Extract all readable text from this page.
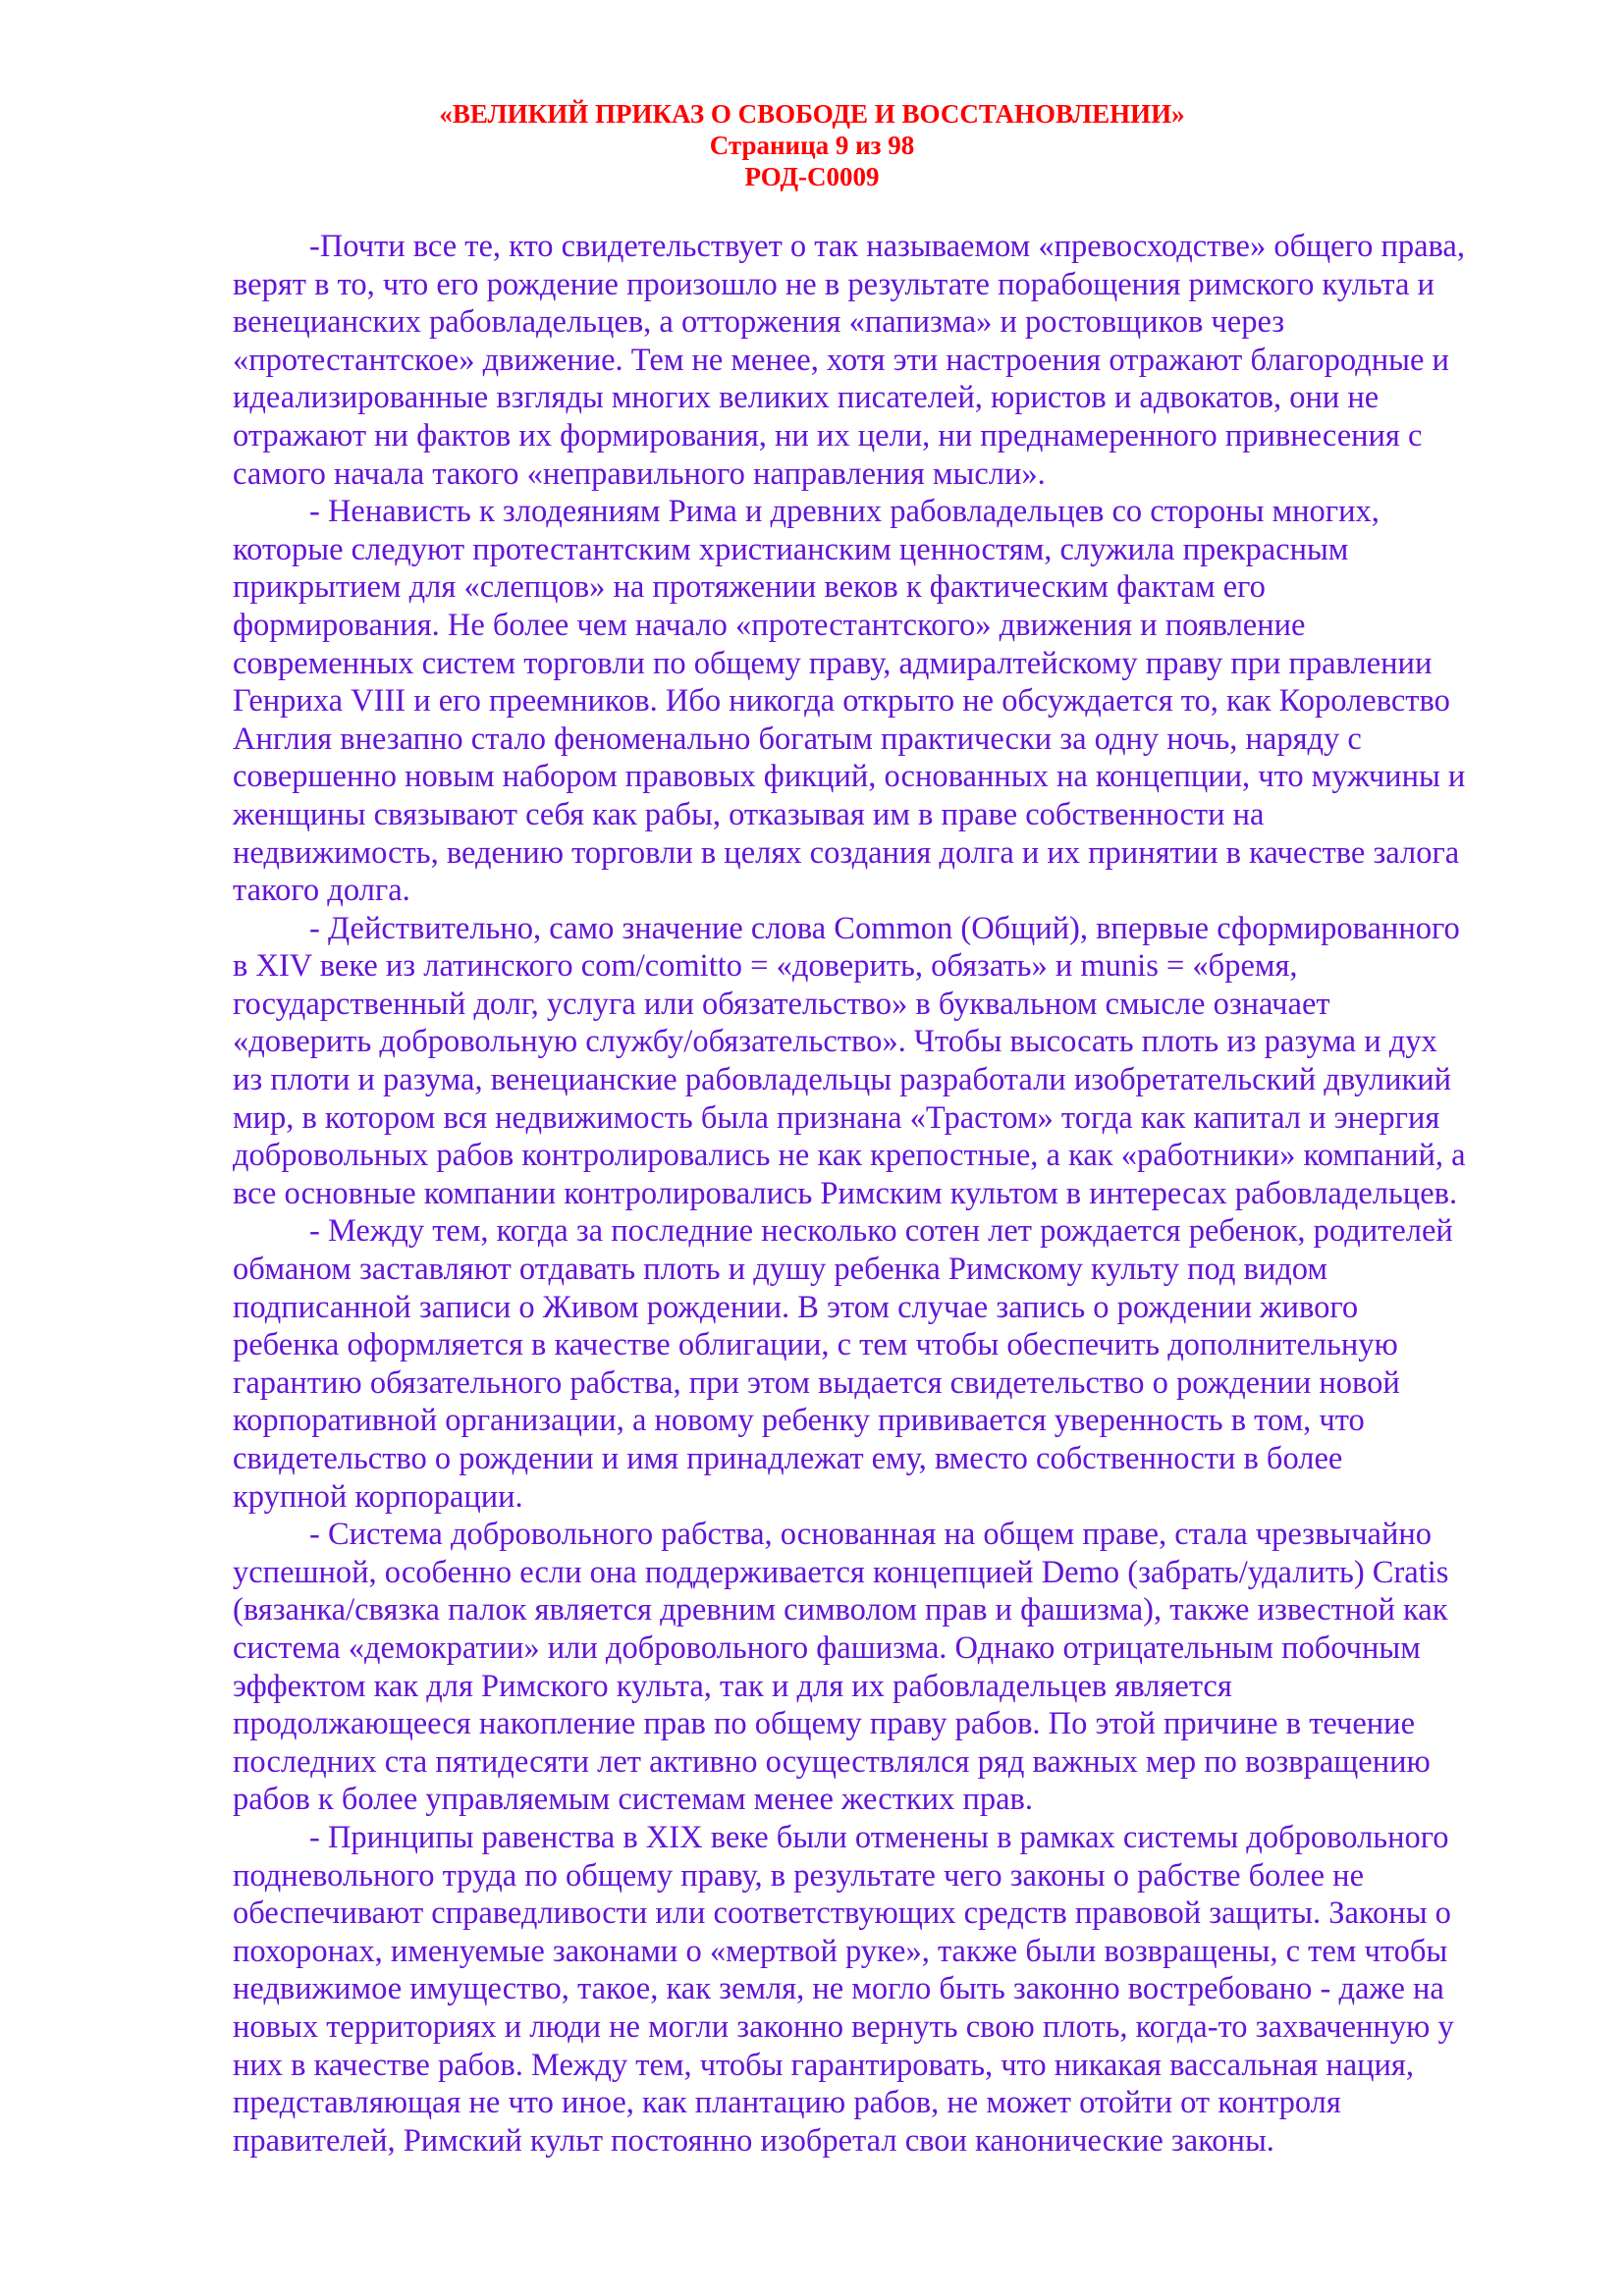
«ВЕЛИКИЙ ПРИКАЗ О СВОБОДЕ И ВОССТАНОВЛЕНИИ»
Страница 9 из 98
РОД-С0009
-Почти все те, кто свидетельствует о так называемом «превосходстве» общего права,
верят в то, что его рождение произошло не в результате порабощения римского культа и
венецианских рабовладельцев, а отторжения «папизма» и ростовщиков через
«протестантское» движение. Тем не менее, хотя эти настроения отражают благородные и
идеализированные взгляды многих великих писателей, юристов и адвокатов, они не
отражают ни фактов их формирования, ни их цели, ни преднамеренного привнесения с
самого начала такого «неправильного направления мысли».
- Ненависть к злодеяниям Рима и древних рабовладельцев со стороны многих,
которые следуют протестантским христианским ценностям, служила прекрасным
прикрытием для «слепцов» на протяжении веков к фактическим фактам его
формирования. Не более чем начало «протестантского» движения и появление
современных систем торговли по общему праву, адмиралтейскому праву при правлении
Генриха VIII и его преемников. Ибо никогда открыто не обсуждается то, как Королевство
Англия внезапно стало феноменально богатым практически за одну ночь, наряду с
совершенно новым набором правовых фикций, основанных на концепции, что мужчины и
женщины связывают себя как рабы, отказывая им в праве собственности на
недвижимость, ведению торговли в целях создания долга и их принятии в качестве залога
такого долга.
- Действительно, само значение слова Common (Общий), впервые сформированного
в XIV веке из латинского com/comitto = «доверить, обязать» и munis = «бремя,
государственный долг, услуга или обязательство» в буквальном смысле означает
«доверить добровольную службу/обязательство». Чтобы высосать плоть из разума и дух
из плоти и разума, венецианские рабовладельцы разработали изобретательский двуликий
мир, в котором вся недвижимость была признана «Трастом» тогда как капитал и энергия
добровольных рабов контролировались не как крепостные, а как «работники» компаний, а
все основные компании контролировались Римским культом в интересах рабовладельцев.
- Между тем, когда за последние несколько сотен лет рождается ребенок, родителей
обманом заставляют отдавать плоть и душу ребенка Римскому культу под видом
подписанной записи о Живом рождении. В этом случае запись о рождении живого
ребенка оформляется в качестве облигации, с тем чтобы обеспечить дополнительную
гарантию обязательного рабства, при этом выдается свидетельство о рождении новой
корпоративной организации, а новому ребенку прививается уверенность в том, что
свидетельство о рождении и имя принадлежат ему, вместо собственности в более
крупной корпорации.
- Система добровольного рабства, основанная на общем праве, стала чрезвычайно
успешной, особенно если она поддерживается концепцией Demo (забрать/удалить) Cratis
(вязанка/связка палок является древним символом прав и фашизма), также известной как
система «демократии» или добровольного фашизма. Однако отрицательным побочным
эффектом как для Римского культа, так и для их рабовладельцев является
продолжающееся накопление прав по общему праву рабов. По этой причине в течение
последних ста пятидесяти лет активно осуществлялся ряд важных мер по возвращению
рабов к более управляемым системам менее жестких прав.
- Принципы равенства в XIX веке были отменены в рамках системы добровольного
подневольного труда по общему праву, в результате чего законы о рабстве более не
обеспечивают справедливости или соответствующих средств правовой защиты. Законы о
похоронах, именуемые законами о «мертвой руке», также были возвращены, с тем чтобы
недвижимое имущество, такое, как земля, не могло быть законно востребовано - даже на
новых территориях и люди не могли законно вернуть свою плоть, когда-то захваченную у
них в качестве рабов. Между тем, чтобы гарантировать, что никакая вассальная нация,
представляющая не что иное, как плантацию рабов, не может отойти от контроля
правителей, Римский культ постоянно изобретал свои канонические законы.
